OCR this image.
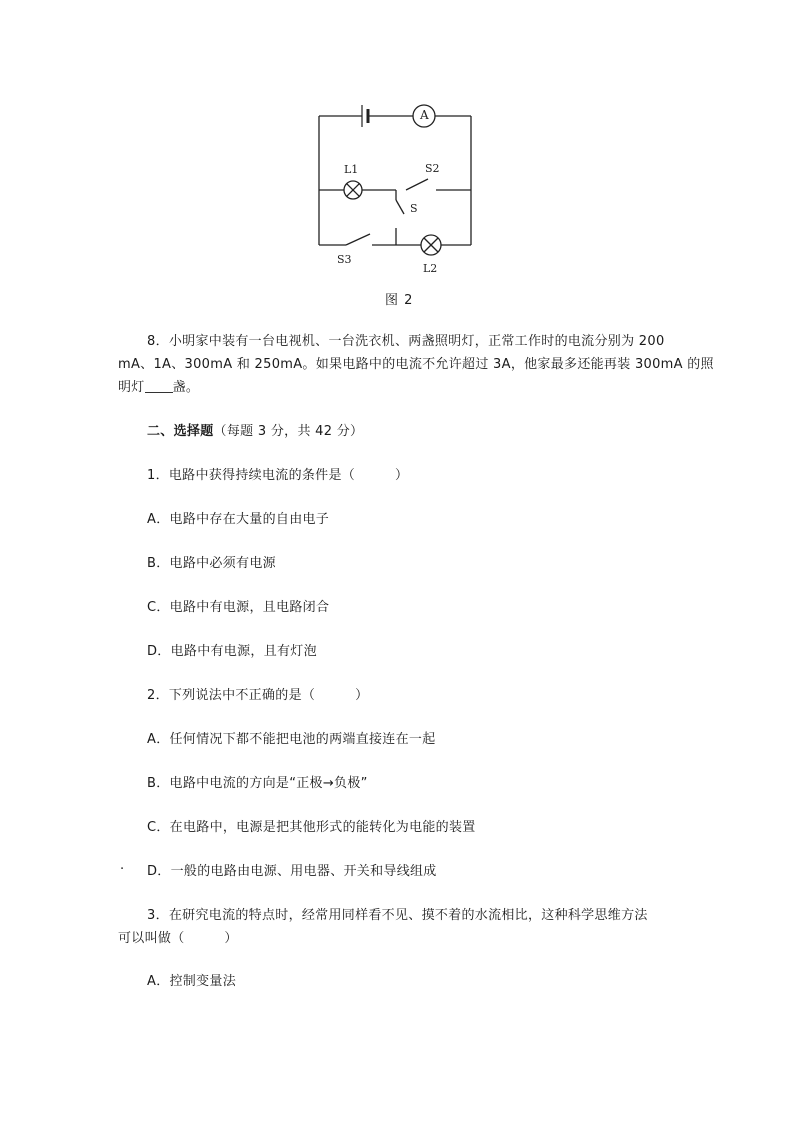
A
L1	S2
S
S3
L2
图 2
8．小明家中装有一台电视机、一台洗衣机、两盏照明灯，正常工作时的电流分别为 200
mA、1A、300mA 和 250mA。如果电路中的电流不允许超过 3A，他家最多还能再装 300mA 的照
明灯 盏。
二、选择题（每题 3 分，共 42 分）
1．电路中获得持续电流的条件是（　　　）
A．电路中存在大量的自由电子
B．电路中必须有电源
C．电路中有电源，且电路闭合
D．电路中有电源，且有灯泡
2．下列说法中不正确的是（　　　）
A．任何情况下都不能把电池的两端直接连在一起
B．电路中电流的方向是“正极→负极”
C．在电路中，电源是把其他形式的能转化为电能的装置
. D．一般的电路由电源、用电器、开关和导线组成
3．在研究电流的特点时，经常用同样看不见、摸不着的水流相比，这种科学思维方法
可以叫做（　　　）
A．控制变量法
